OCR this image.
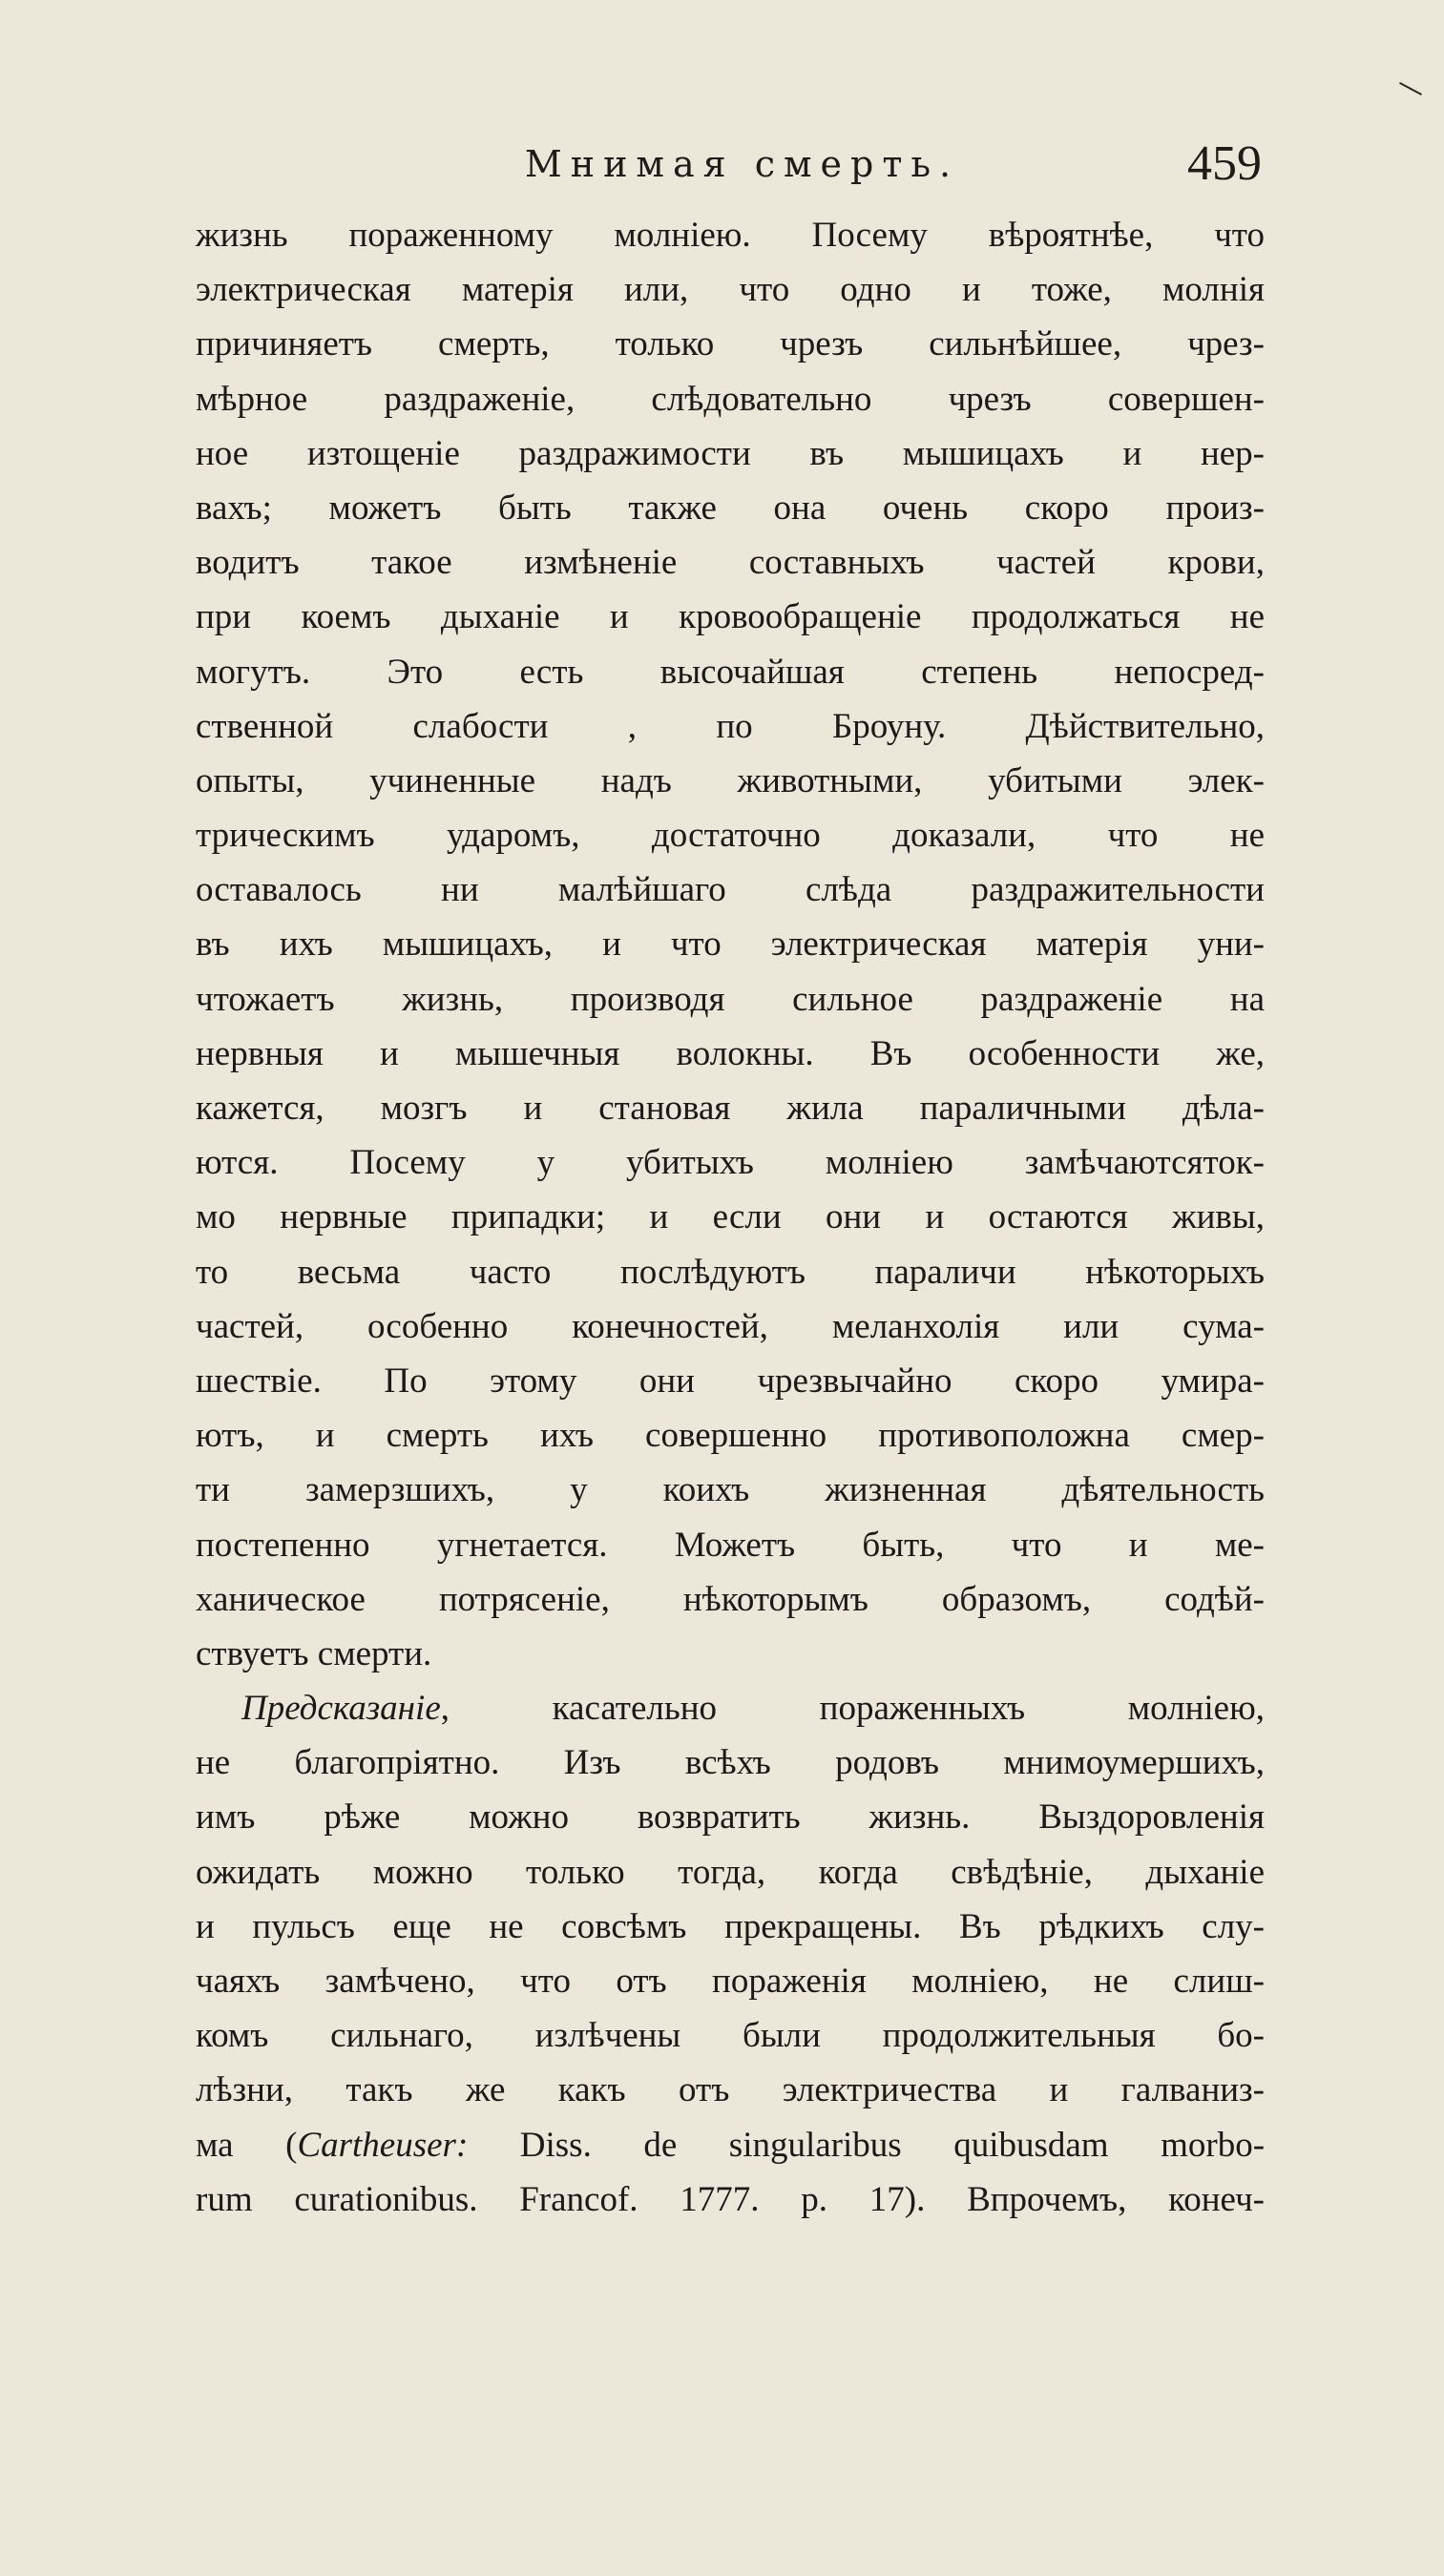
Мнимая смерть.	459
жизнь пораженному молніею. Посему вѣроятнѣе, что
электрическая матерія или, что одно и тоже, молнія
причиняетъ смерть, только чрезъ сильнѣйшее, чрез-
мѣрное раздраженіе, слѣдовательно чрезъ совершен-
ное изтощеніе раздражимости въ мышицахъ и нер-
вахъ; можетъ быть также она очень скоро произ-
водитъ такое измѣненіе составныхъ частей крови,
при коемъ дыханіе и кровообращеніе продолжаться не
могутъ. Это есть высочайшая степень непосред-
ственной слабости , по Броуну. Дѣйствительно,
опыты, учиненные надъ животными, убитыми элек-
трическимъ ударомъ, достаточно доказали, что не
оставалось ни малѣйшаго слѣда раздражительности
въ ихъ мышицахъ, и что электрическая матерія уни-
чтожаетъ жизнь, производя сильное раздраженіе на
нервныя и мышечныя волокны. Въ особенности же,
кажется, мозгъ и становая жила параличными дѣла-
ются. Посему у убитыхъ молніею замѣчаютсяток-
мо нервные припадки; и если они и остаются живы,
то весьма часто послѣдуютъ параличи нѣкоторыхъ
частей, особенно конечностей, меланхолія или сума-
шествіе. По этому они чрезвычайно скоро умира-
ютъ, и смерть ихъ совершенно противоположна смер-
ти замерзшихъ, у коихъ жизненная дѣятельность
постепенно угнетается. Можетъ быть, что и ме-
ханическое потрясеніе, нѣкоторымъ образомъ, содѣй-
ствуетъ смерти.
Предсказаніе, касательно пораженныхъ молніею,
не благопріятно. Изъ всѣхъ родовъ мнимоумершихъ,
имъ рѣже можно возвратить жизнь. Выздоровленія
ожидать можно только тогда, когда свѣдѣніе, дыханіе
и пульсъ еще не совсѣмъ прекращены. Въ рѣдкихъ слу-
чаяхъ замѣчено, что отъ пораженія молніею, не слиш-
комъ сильнаго, излѣчены были продолжительныя бо-
лѣзни, такъ же какъ отъ электричества и галваниз-
ма (Cartheuser: Diss. de singularibus quibusdam morbo-
rum curationibus. Francof. 1777. p. 17). Впрочемъ, конеч-
